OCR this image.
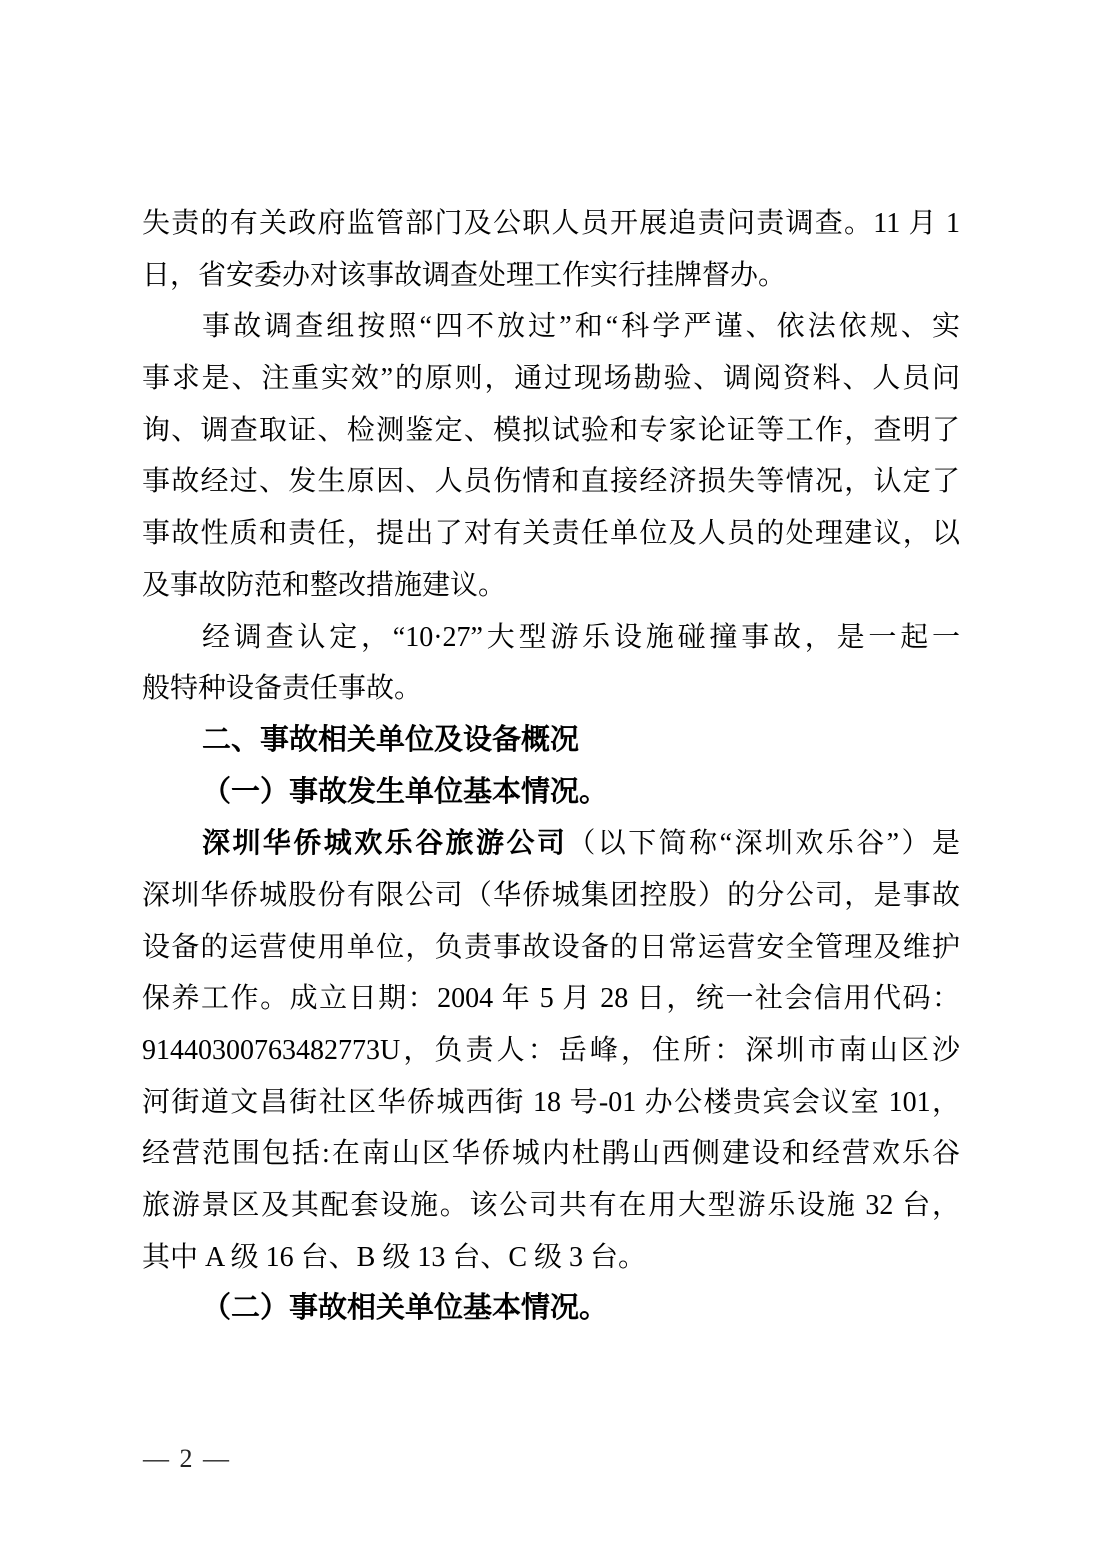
失责的有关政府监管部门及公职人员开展追责问责调查。11 月 1
日，省安委办对该事故调查处理工作实行挂牌督办。
事故调查组按照“四不放过”和“科学严谨、依法依规、实
事求是、注重实效”的原则，通过现场勘验、调阅资料、人员问
询、调查取证、检测鉴定、模拟试验和专家论证等工作，查明了
事故经过、发生原因、人员伤情和直接经济损失等情况，认定了
事故性质和责任，提出了对有关责任单位及人员的处理建议，以
及事故防范和整改措施建议。
经调查认定，“10·27”大型游乐设施碰撞事故，是一起一
般特种设备责任事故。
二、事故相关单位及设备概况
（一）事故发生单位基本情况。
深圳华侨城欢乐谷旅游公司（以下简称“深圳欢乐谷”）是
深圳华侨城股份有限公司（华侨城集团控股）的分公司，是事故
设备的运营使用单位，负责事故设备的日常运营安全管理及维护
保养工作。成立日期：2004 年 5 月 28 日，统一社会信用代码：
91440300763482773U，负责人：岳峰，住所：深圳市南山区沙
河街道文昌街社区华侨城西街 18 号-01 办公楼贵宾会议室 101，
经营范围包括:在南山区华侨城内杜鹃山西侧建设和经营欢乐谷
旅游景区及其配套设施。该公司共有在用大型游乐设施 32 台，
其中 A 级 16 台、B 级 13 台、C 级 3 台。
（二）事故相关单位基本情况。
— 2 —
